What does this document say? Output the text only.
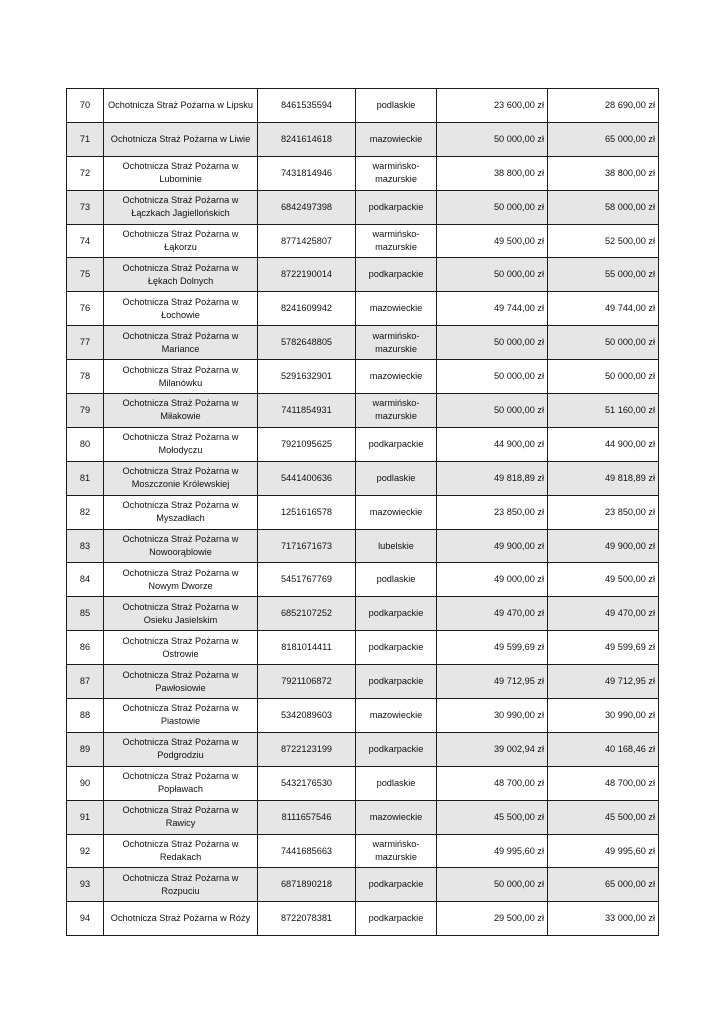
70	Ochotnicza Straż Pożarna w Lipsku	8461535594	podlaskie	23 600,00 zł	28 690,00 zł
71	Ochotnicza Straż Pożarna w Liwie	8241614618	mazowieckie	50 000,00 zł	65 000,00 zł
72	Ochotnicza Straż Pożarna w Lubominie	7431814946	warmińsko-mazurskie	38 800,00 zł	38 800,00 zł
73	Ochotnicza Straż Pożarna w Łączkach Jagiellońskich	6842497398	podkarpackie	50 000,00 zł	58 000,00 zł
74	Ochotnicza Straż Pożarna w Łąkorzu	8771425807	warmińsko-mazurskie	49 500,00 zł	52 500,00 zł
75	Ochotnicza Straż Pożarna w Łękach Dolnych	8722190014	podkarpackie	50 000,00 zł	55 000,00 zł
76	Ochotnicza Straż Pożarna w Łochowie	8241609942	mazowieckie	49 744,00 zł	49 744,00 zł
77	Ochotnicza Straż Pożarna w Mariance	5782648805	warmińsko-mazurskie	50 000,00 zł	50 000,00 zł
78	Ochotnicza Straż Pożarna w Milanówku	5291632901	mazowieckie	50 000,00 zł	50 000,00 zł
79	Ochotnicza Straż Pożarna w Miłakowie	7411854931	warmińsko-mazurskie	50 000,00 zł	51 160,00 zł
80	Ochotnicza Straż Pożarna w Mołodyczu	7921095625	podkarpackie	44 900,00 zł	44 900,00 zł
81	Ochotnicza Straż Pożarna w Moszczonie Królewskiej	5441400636	podlaskie	49 818,89 zł	49 818,89 zł
82	Ochotnicza Straż Pożarna w Myszadłach	1251616578	mazowieckie	23 850,00 zł	23 850,00 zł
83	Ochotnicza Straż Pożarna w Nowoorąblowie	7171671673	lubelskie	49 900,00 zł	49 900,00 zł
84	Ochotnicza Straż Pożarna w Nowym Dworze	5451767769	podlaskie	49 000,00 zł	49 500,00 zł
85	Ochotnicza Straż Pożarna w Osieku Jasielskim	6852107252	podkarpackie	49 470,00 zł	49 470,00 zł
86	Ochotnicza Straż Pożarna w Ostrowie	8181014411	podkarpackie	49 599,69 zł	49 599,69 zł
87	Ochotnicza Straż Pożarna w Pawłosiowie	7921106872	podkarpackie	49 712,95 zł	49 712,95 zł
88	Ochotnicza Straż Pożarna w Piastowie	5342089603	mazowieckie	30 990,00 zł	30 990,00 zł
89	Ochotnicza Straż Pożarna w Podgrodziu	8722123199	podkarpackie	39 002,94 zł	40 168,46 zł
90	Ochotnicza Straż Pożarna w Popławach	5432176530	podlaskie	48 700,00 zł	48 700,00 zł
91	Ochotnicza Straż Pożarna w Rawicy	8111657546	mazowieckie	45 500,00 zł	45 500,00 zł
92	Ochotnicza Straż Pożarna w Redakach	7441685663	warmińsko-mazurskie	49 995,60 zł	49 995,60 zł
93	Ochotnicza Straż Pożarna w Rozpuciu	6871890218	podkarpackie	50 000,00 zł	65 000,00 zł
94	Ochotnicza Straż Pożarna w Róży	8722078381	podkarpackie	29 500,00 zł	33 000,00 zł
